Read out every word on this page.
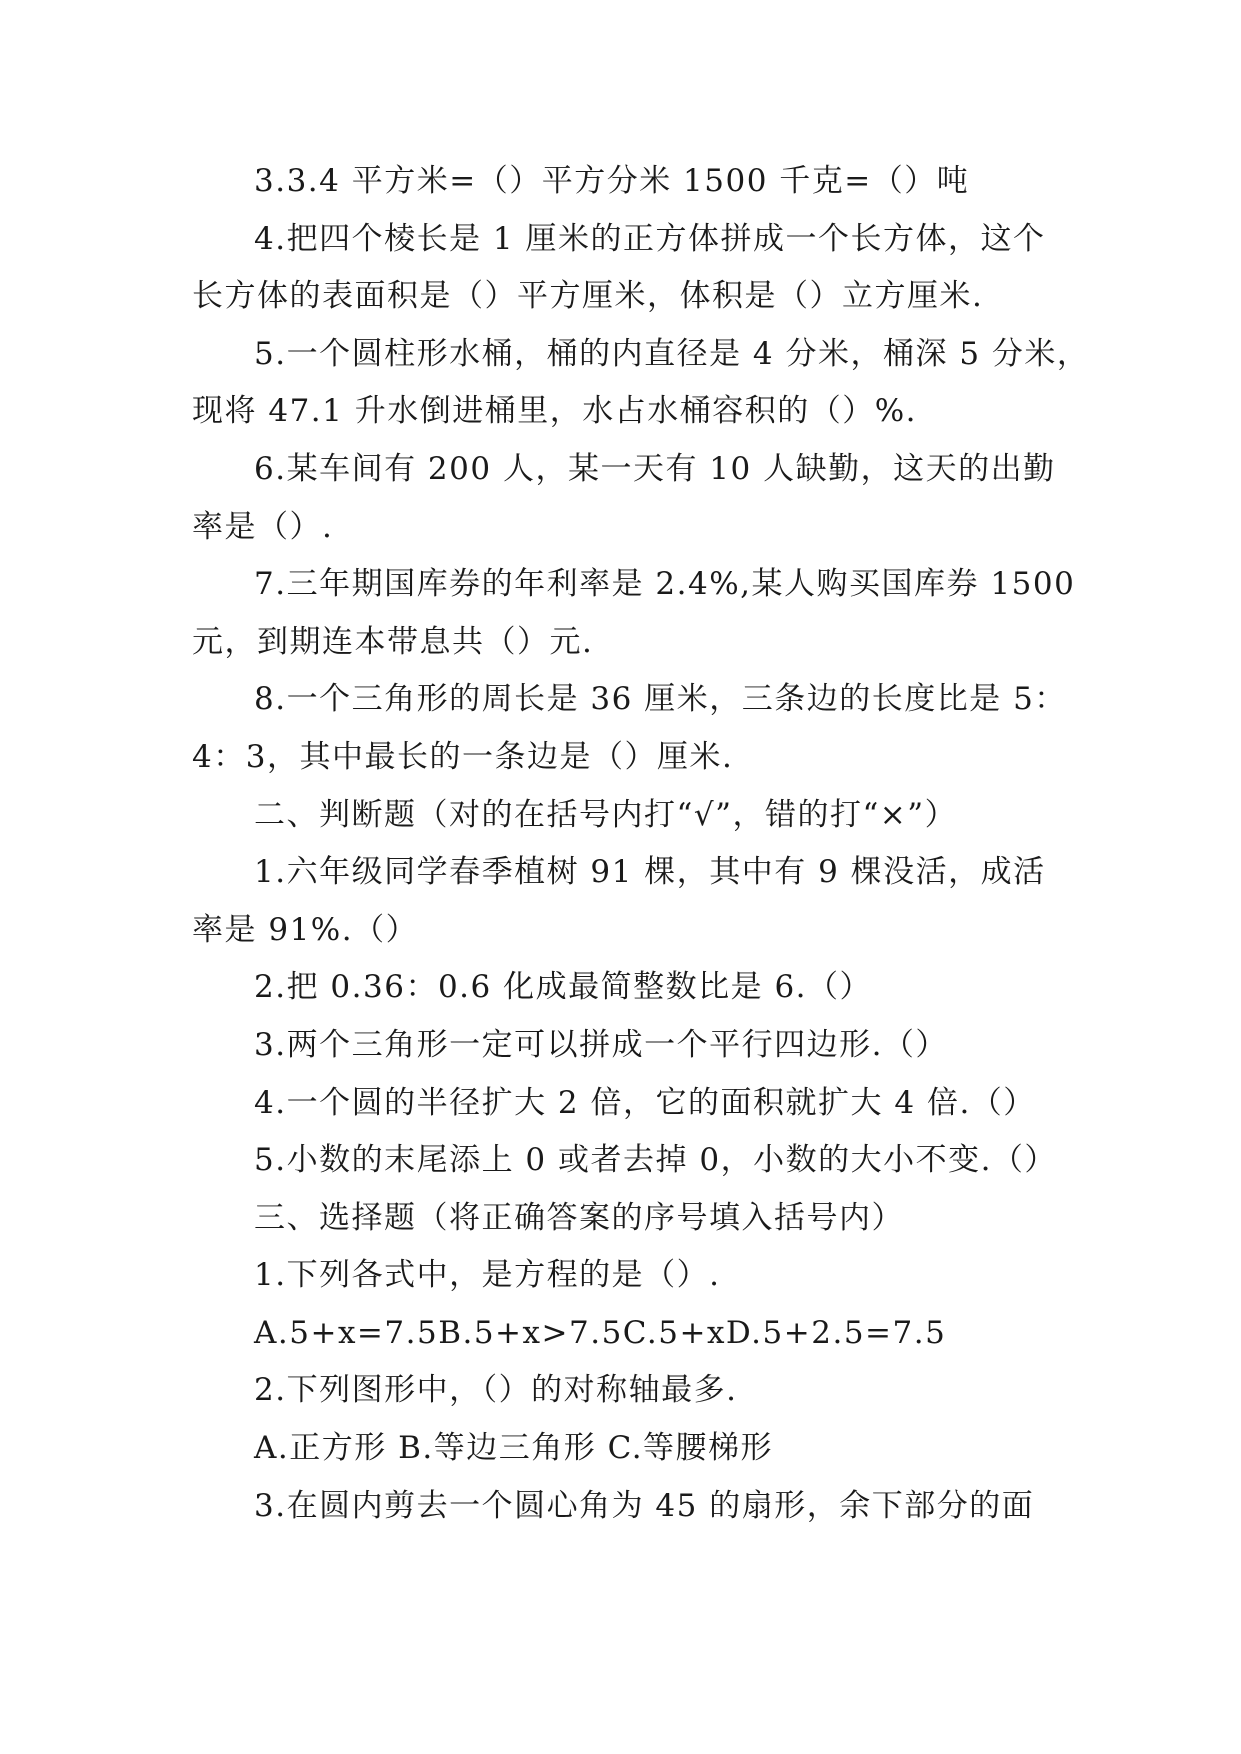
3.3.4 平方米=（）平方分米 1500 千克=（）吨
4.把四个棱长是 1 厘米的正方体拼成一个长方体，这个
长方体的表面积是（）平方厘米，体积是（）立方厘米.
5.一个圆柱形水桶，桶的内直径是 4 分米，桶深 5 分米，
现将 47.1 升水倒进桶里，水占水桶容积的（）%.
6.某车间有 200 人，某一天有 10 人缺勤，这天的出勤
率是（）.
7.三年期国库券的年利率是 2.4%,某人购买国库券 1500
元，到期连本带息共（）元.
8.一个三角形的周长是 36 厘米，三条边的长度比是 5：
4：3，其中最长的一条边是（）厘米.
二、判断题（对的在括号内打“√”，错的打“×”）
1.六年级同学春季植树 91 棵，其中有 9 棵没活，成活
率是 91%.（）
2.把 0.36：0.6 化成最简整数比是 6.（）
3.两个三角形一定可以拼成一个平行四边形.（）
4.一个圆的半径扩大 2 倍，它的面积就扩大 4 倍.（）
5.小数的末尾添上 0 或者去掉 0，小数的大小不变.（）
三、选择题（将正确答案的序号填入括号内）
1.下列各式中，是方程的是（）.
A.5+x=7.5B.5+x>7.5C.5+xD.5+2.5=7.5
2.下列图形中，（）的对称轴最多.
A.正方形 B.等边三角形 C.等腰梯形
3.在圆内剪去一个圆心角为 45 的扇形，余下部分的面
